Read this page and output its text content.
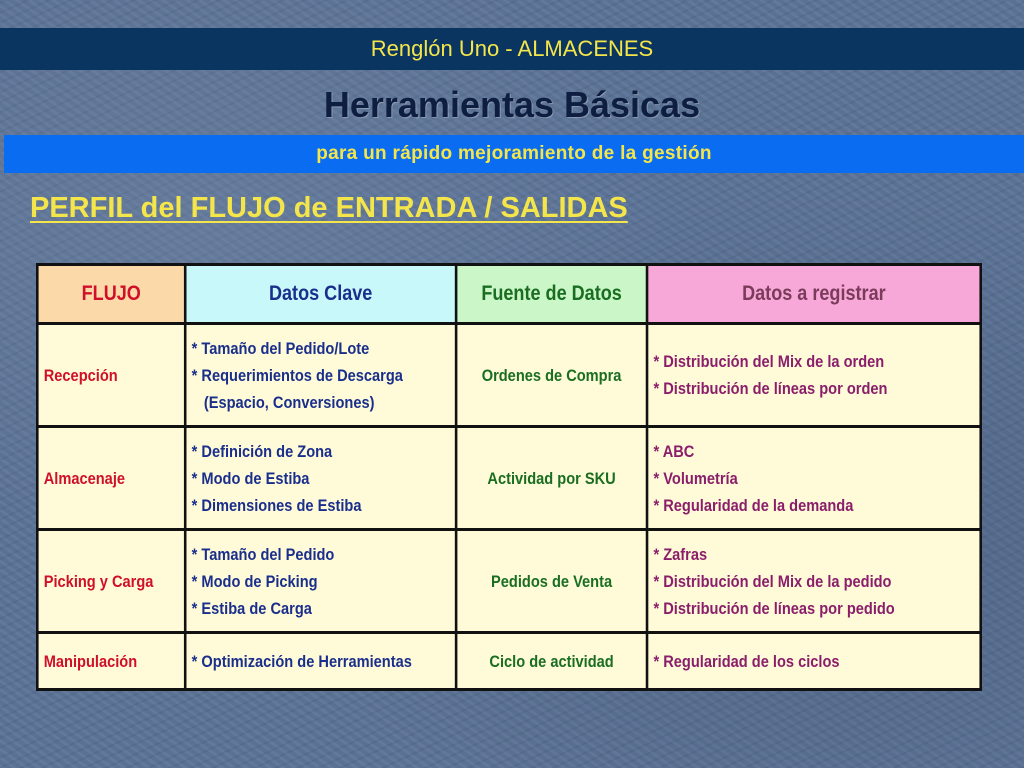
Renglón Uno - ALMACENES
Herramientas Básicas
para un rápido mejoramiento de la gestión
PERFIL del FLUJO de ENTRADA / SALIDAS
FLUJO	Datos Clave	Fuente de Datos	Datos a registrar
Recepción	* Tamaño del Pedido/Lote
* Requerimientos de Descarga
(Espacio, Conversiones)	Ordenes de Compra	* Distribución del Mix de la orden
* Distribución de líneas por orden

Almacenaje	* Definición de Zona
* Modo de Estiba
* Dimensiones de Estiba	Actividad por SKU	* ABC
* Volumetría
* Regularidad de la demanda

Picking y Carga	* Tamaño del Pedido
* Modo de Picking
* Estiba de Carga	Pedidos de Venta	* Zafras
* Distribución del Mix de la pedido
* Distribución de líneas por pedido

Manipulación	* Optimización de Herramientas	Ciclo de actividad	* Regularidad de los ciclos
